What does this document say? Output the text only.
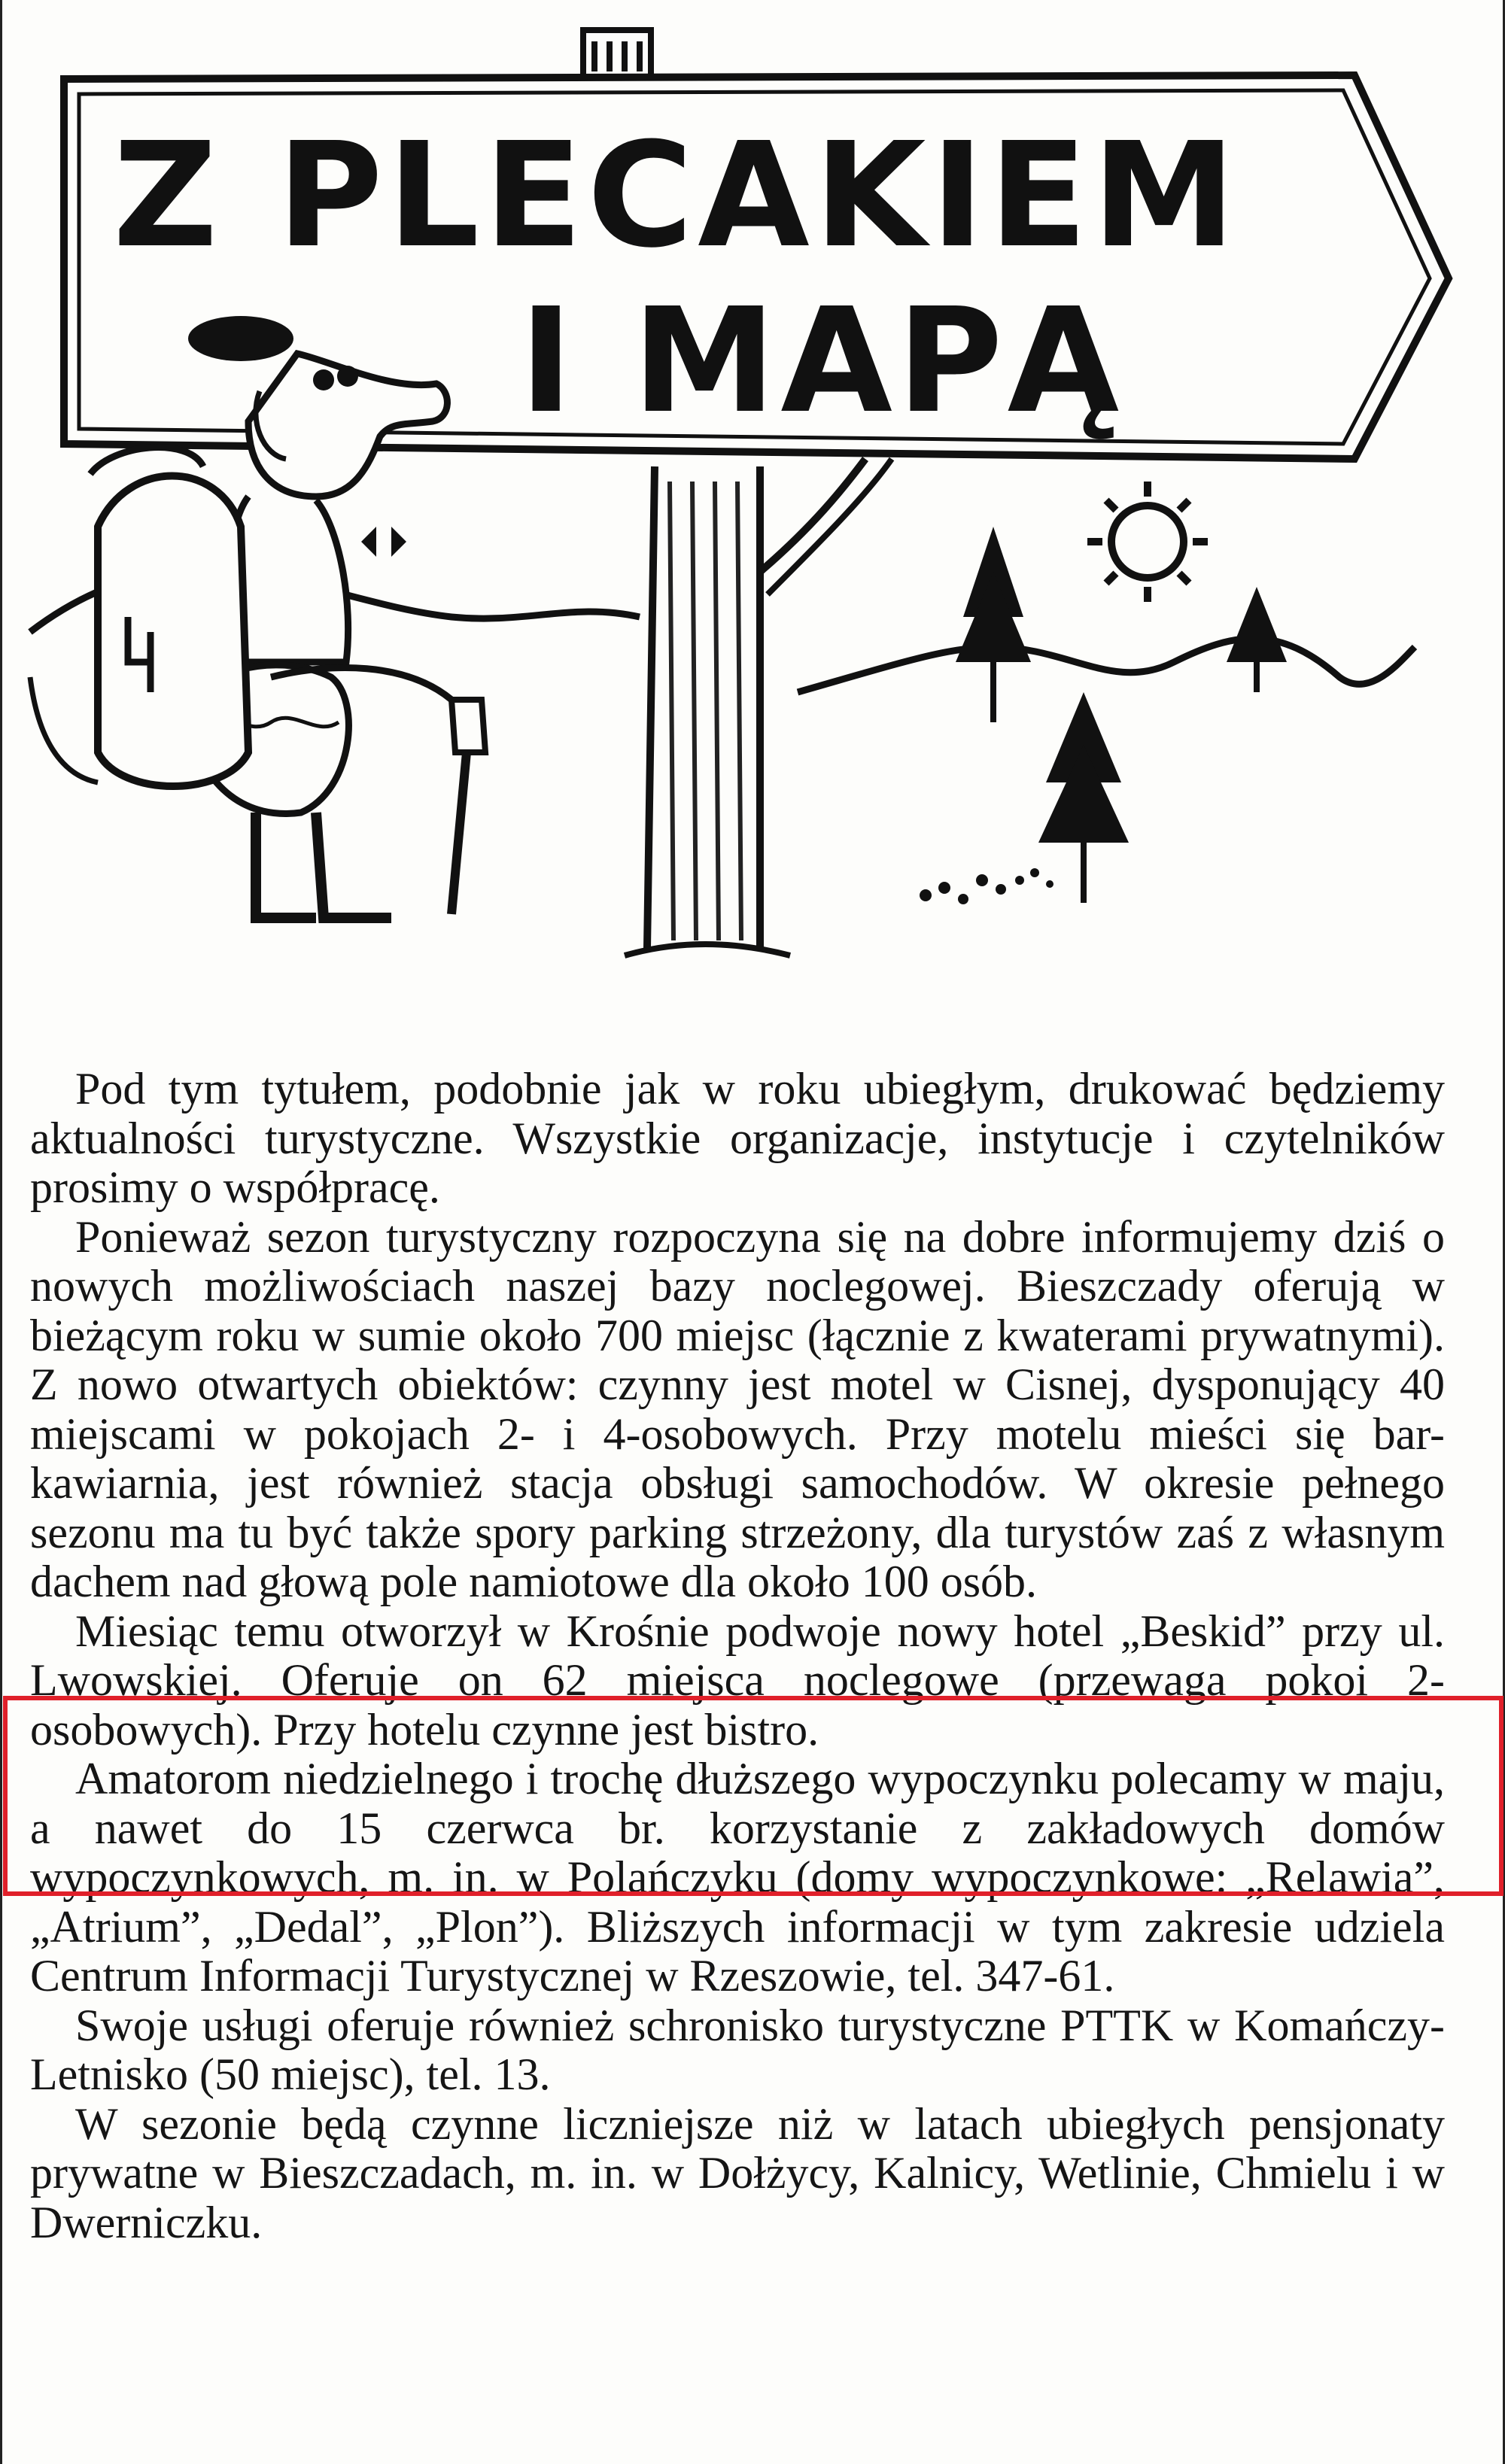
Z PLECAKIEM
I MAPĄ

Pod tym tytułem, podobnie jak w roku ubiegłym, drukować będziemy aktualności turystyczne. Wszystkie organizacje, instytucje i czytelników prosimy o współpracę.

Ponieważ sezon turystyczny rozpoczyna się na dobre informujemy dziś o nowych możliwościach naszej bazy noclegowej. Bieszczady oferują w bieżącym roku w sumie około 700 miejsc (łącznie z kwaterami prywatnymi). Z nowo otwartych obiektów: czynny jest motel w Cisnej, dysponujący 40 miejscami w pokojach 2- i 4-osobowych. Przy motelu mieści się bar-kawiarnia, jest również stacja obsługi samochodów. W okresie pełnego sezonu ma tu być także spory parking strzeżony, dla turystów zaś z własnym dachem nad głową pole namiotowe dla około 100 osób.

Miesiąc temu otworzył w Krośnie podwoje nowy hotel „Beskid” przy ul. Lwowskiej. Oferuje on 62 miejsca noclegowe (przewaga pokoi 2-osobowych). Przy hotelu czynne jest bistro.

Amatorom niedzielnego i trochę dłuższego wypoczynku polecamy w maju, a nawet do 15 czerwca br. korzystanie z zakładowych domów wypoczynkowych, m. in. w Polańczyku (domy wypoczynkowe: „Relawia”, „Atrium”, „Dedal”, „Plon”). Bliższych informacji w tym zakresie udziela Centrum Informacji Turystycznej w Rzeszowie, tel. 347-61.

Swoje usługi oferuje również schronisko turystyczne PTTK w Komańczy-Letnisko (50 miejsc), tel. 13.

W sezonie będą czynne liczniejsze niż w latach ubiegłych pensjonaty prywatne w Bieszczadach, m. in. w Dołżycy, Kalnicy, Wetlinie, Chmielu i w Dwerniczku.
